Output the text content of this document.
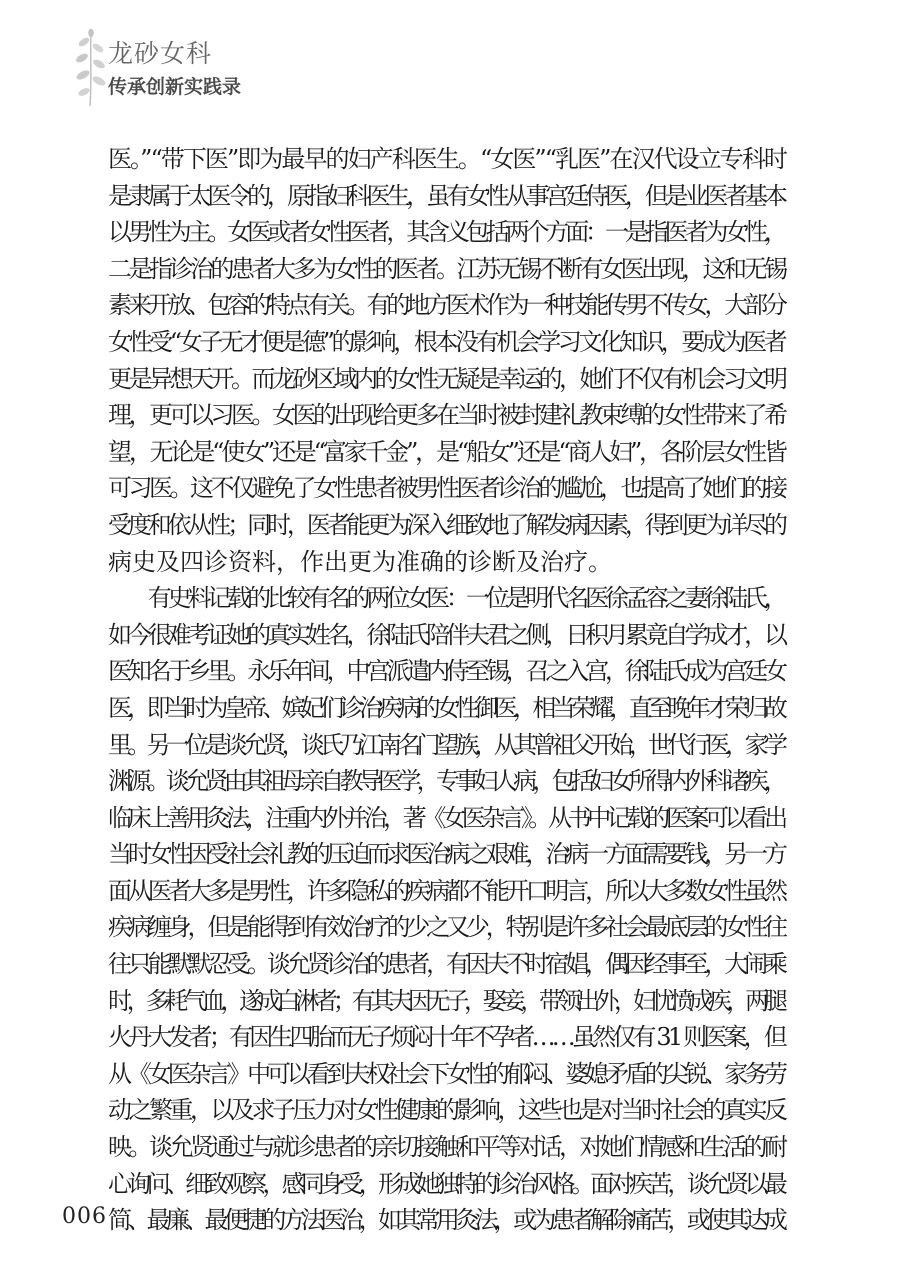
龙砂女科
传承创新实践录
医。”“带下医”即为最早的妇产科医生。“女医”“乳医”在汉代设立专科时
是隶属于太医令的，原指妇科医生，虽有女性从事宫廷侍医，但是业医者基本
以男性为主。女医或者女性医者，其含义包括两个方面：一是指医者为女性，
二是指诊治的患者大多为女性的医者。江苏无锡不断有女医出现，这和无锡
素来开放、包容的特点有关。有的地方医术作为一种技能传男不传女，大部分
女性受“女子无才便是德”的影响，根本没有机会学习文化知识，要成为医者
更是异想天开。而龙砂区域内的女性无疑是幸运的，她们不仅有机会习文明
理，更可以习医。女医的出现给更多在当时被封建礼教束缚的女性带来了希
望，无论是“使女”还是“富家千金”，是“船女”还是“商人妇”，各阶层女性皆
可习医。这不仅避免了女性患者被男性医者诊治的尴尬，也提高了她们的接
受度和依从性；同时，医者能更为深入细致地了解发病因素，得到更为详尽的
病史及四诊资料，作出更为准确的诊断及治疗。
　　有史料记载的比较有名的两位女医：一位是明代名医徐孟容之妻徐陆氏，
如今很难考证她的真实姓名，徐陆氏陪伴夫君之侧，日积月累竟自学成才，以
医知名于乡里。永乐年间，中宫派遣内侍至锡，召之入宫，徐陆氏成为宫廷女
医，即当时为皇帝、嫔妃们诊治疾病的女性御医，相当荣耀，直至晚年才荣归故
里。另一位是谈允贤，谈氏乃江南名门望族，从其曾祖父开始，世代行医，家学
渊源。谈允贤由其祖母亲自教导医学，专事妇人病，包括妇女所得内外科诸疾，
临床上善用灸法，注重内外并治，著《女医杂言》。从书中记载的医案可以看出
当时女性因受社会礼教的压迫而求医治病之艰难，治病一方面需要钱，另一方
面从医者大多是男性，许多隐私的疾病都不能开口明言，所以大多数女性虽然
疾病缠身，但是能得到有效治疗的少之又少，特别是许多社会最底层的女性往
往只能默默忍受。谈允贤诊治的患者，有因夫不时宿娼，偶因经事至，大闹乘
时，多耗气血，遂成白淋者；有其夫因无子，娶妾，带领出外，妇忧愤成疾，两腿
火丹大发者；有因生四胎而无子烦闷十年不孕者……虽然仅有 31 则医案，但
从《女医杂言》中可以看到夫权社会下女性的郁闷、婆媳矛盾的尖锐、家务劳
动之繁重，以及求子压力对女性健康的影响，这些也是对当时社会的真实反
映。谈允贤通过与就诊患者的亲切接触和平等对话，对她们情感和生活的耐
心询问、细致观察，感同身受，形成她独特的诊治风格。面对疾苦，谈允贤以最
简、最廉、最便捷的方法医治，如其常用灸法，或为患者解除痛苦，或使其达成
006
